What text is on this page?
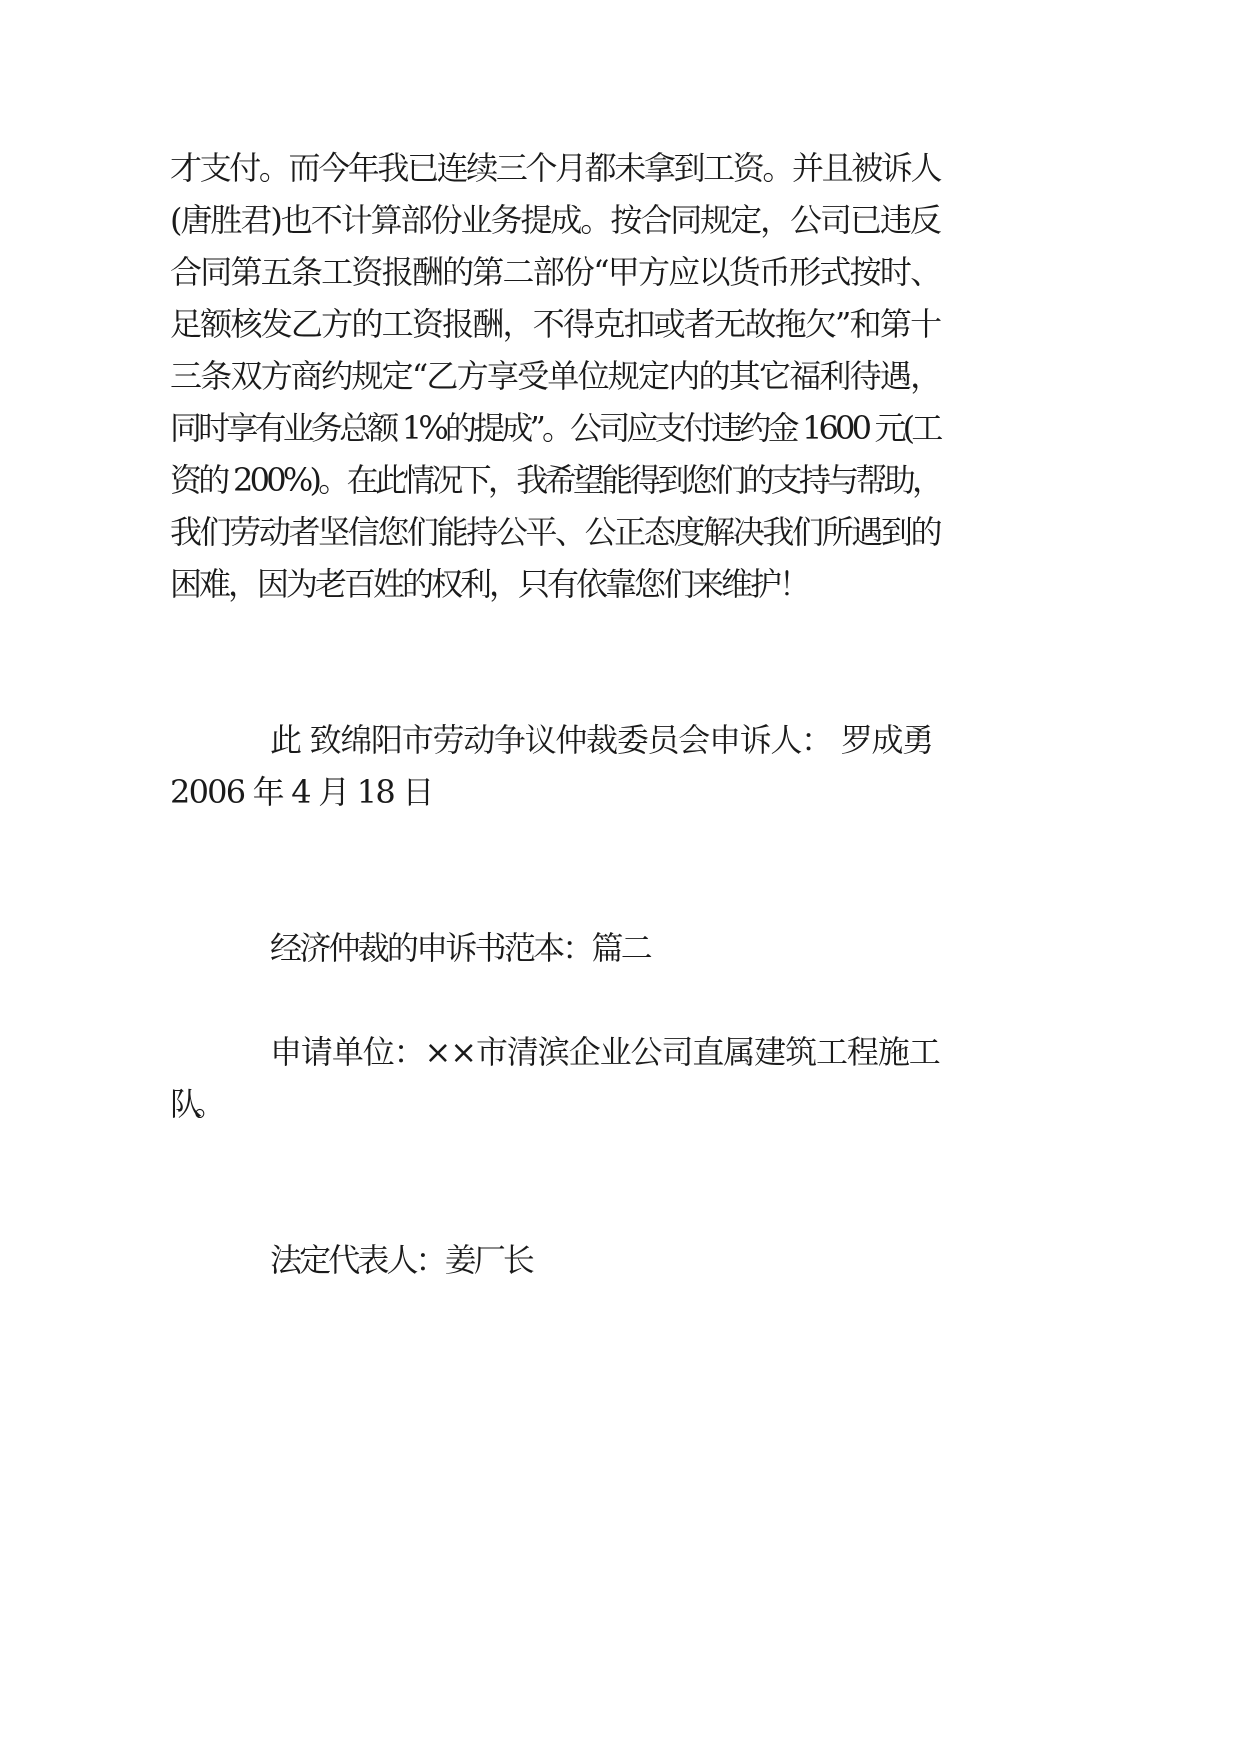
才支付。而今年我已连续三个月都未拿到工资。并且被诉人
(唐胜君)也不计算部份业务提成。按合同规定，公司已违反
合同第五条工资报酬的第二部份“甲方应以货币形式按时、
足额核发乙方的工资报酬，不得克扣或者无故拖欠”和第十
三条双方商约规定“乙方享受单位规定内的其它福利待遇，
同时享有业务总额 1%的提成”。公司应支付违约金 1600 元(工
资的 200%)。在此情况下，我希望能得到您们的支持与帮助，
我们劳动者坚信您们能持公平、公正态度解决我们所遇到的
困难，因为老百姓的权利，只有依靠您们来维护！
此 致绵阳市劳动争议仲裁委员会申诉人： 罗成勇
2006 年 4 月 18 日
经济仲裁的申诉书范本：篇二
申请单位：××市清滨企业公司直属建筑工程施工
队。
法定代表人：姜厂长
